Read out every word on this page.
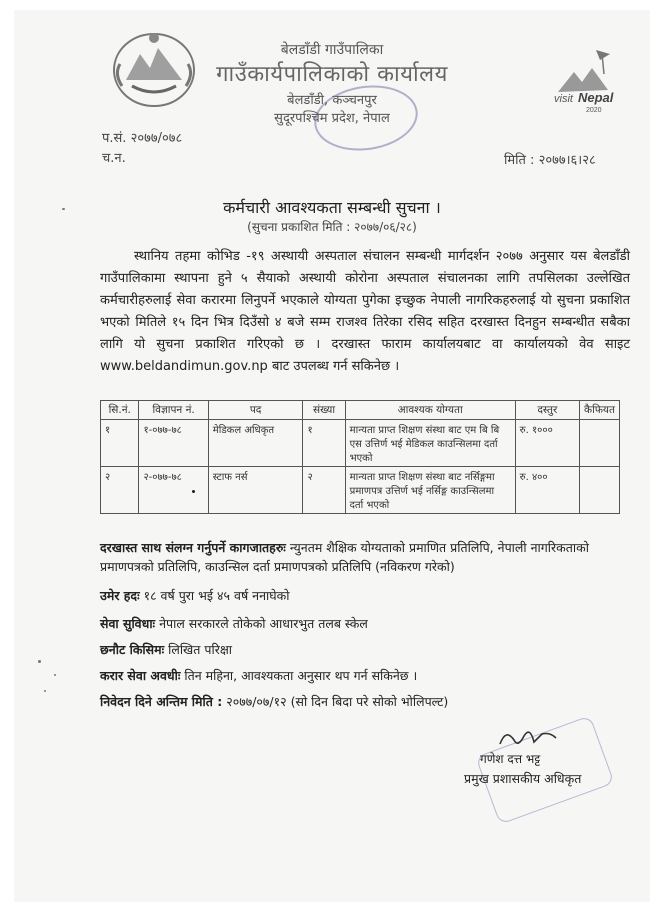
visit Nepal
2020
बेलडाँडी गाउँपालिका
गाउँकार्यपालिकाको कार्यालय
बेलडाँडी, कञ्चनपुर
सुदूरपश्चिम प्रदेश, नेपाल
प.सं. २०७७/०७८
च.न.	मिति : २०७७।६।२८
कर्मचारी आवश्यकता सम्बन्धी सुचना ।
(सुचना प्रकाशित मिति : २०७७/०६/२८)
स्थानिय तहमा कोभिड -१९ अस्थायी अस्पताल संचालन सम्बन्धी मार्गदर्शन २०७७ अनुसार यस बेलडाँडी गाउँपालिकामा स्थापना हुने ५ सैयाको अस्थायी कोरोना अस्पताल संचालनका लागि तपसिलका उल्लेखित कर्मचारीहरुलाई सेवा करारमा लिनुपर्ने भएकाले योग्यता पुगेका इच्छुक नेपाली नागरिकहरुलाई यो सुचना प्रकाशित भएको मितिले १५ दिन भित्र दिउँसो ४ बजे सम्म राजश्व तिरेका रसिद सहित दरखास्त दिनहुन सम्बन्धीत सबैका लागि यो सुचना प्रकाशित गरिएको छ । दरखास्त फाराम कार्यालयबाट वा कार्यालयको वेव साइट www.beldandimun.gov.np बाट उपलब्ध गर्न सकिनेछ ।
सि.नं.	विज्ञापन नं.	पद	संख्या	आवश्यक योग्यता	दस्तुर	कैफियत
१	१-०७७-७८	मेडिकल अधिकृत	१	मान्यता प्राप्त शिक्षण संस्था बाट एम बि बि एस उत्तिर्ण भई मेडिकल काउन्सिलमा दर्ता भएको	रु. १०००	
२	२-०७७-७८	स्टाफ नर्स	२	मान्यता प्राप्त शिक्षण संस्था बाट नर्सिङ्गमा प्रमाणपत्र उत्तिर्ण भई नर्सिङ्ग काउन्सिलमा दर्ता भएको	रु. ४००	
दरखास्त साथ संलग्न गर्नुपर्ने कागजातहरुः न्युनतम शैक्षिक योग्यताको प्रमाणित प्रतिलिपि, नेपाली नागरिकताको प्रमाणपत्रको प्रतिलिपि, काउन्सिल दर्ता प्रमाणपत्रको प्रतिलिपि (नविकरण गरेको)
उमेर हदः १८ वर्ष पुरा भई ४५ वर्ष ननाघेको
सेवा सुविधाः नेपाल सरकारले तोकेको आधारभुत तलब स्केल
छनौट किसिमः लिखित परिक्षा
करार सेवा अवधीः तिन महिना, आवश्यकता अनुसार थप गर्न सकिनेछ ।
निवेदन दिने अन्तिम मिति : २०७७/०७/१२ (सो दिन बिदा परे सोको भोलिपल्ट)
गणेश दत्त भट्ट
प्रमुख प्रशासकीय अधिकृत
